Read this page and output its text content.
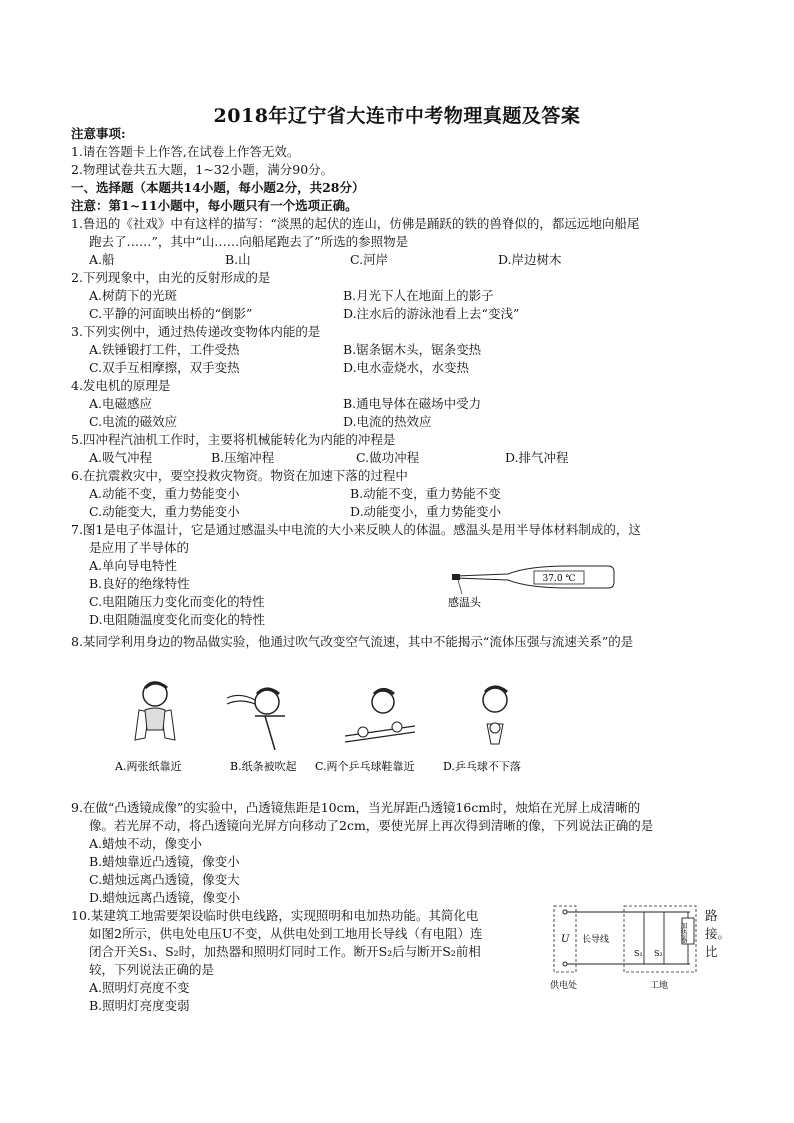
2018年辽宁省大连市中考物理真题及答案
注意事项:
1.请在答题卡上作答,在试卷上作答无效。
2.物理试卷共五大题，1~32小题，满分90分。
一、选择题（本题共14小题，每小题2分，共28分）
注意：第1~11小题中，每小题只有一个选项正确。
1.鲁迅的《社戏》中有这样的描写：“淡黑的起伏的连山，仿佛是踊跃的铁的兽脊似的，都远远地向船尾
跑去了……”，其中“山……向船尾跑去了”所选的参照物是
A.船	B.山	C.河岸	D.岸边树木
2.下列现象中，由光的反射形成的是
A.树荫下的光斑	B.月光下人在地面上的影子
C.平静的河面映出桥的“倒影”	D.注水后的游泳池看上去“变浅”
3.下列实例中，通过热传递改变物体内能的是
A.铁锤锻打工件，工件受热	B.锯条锯木头，锯条变热
C.双手互相摩擦，双手变热	D.电水壶烧水，水变热
4.发电机的原理是
A.电磁感应	B.通电导体在磁场中受力
C.电流的磁效应	D.电流的热效应
5.四冲程汽油机工作时，主要将机械能转化为内能的冲程是
A.吸气冲程	B.压缩冲程	C.做功冲程	D.排气冲程
6.在抗震救灾中，要空投救灾物资。物资在加速下落的过程中
A.动能不变，重力势能变小	B.动能不变，重力势能不变
C.动能变大，重力势能变小	D.动能变小，重力势能变小
7.图1是电子体温计，它是通过感温头中电流的大小来反映人的体温。感温头是用半导体材料制成的，这
是应用了半导体的
A.单向导电特性
B.良好的绝缘特性
C.电阻随压力变化而变化的特性
D.电阻随温度变化而变化的特性
37.0 ℃
感温头
8.某同学利用身边的物品做实验，他通过吹气改变空气流速，其中不能揭示“流体压强与流速关系”的是
A.两张纸靠近	B.纸条被吹起 C.两个乒乓球鞋靠近	D.乒乓球不下落
9.在做“凸透镜成像”的实验中，凸透镜焦距是10cm，当光屏距凸透镜16cm时，烛焰在光屏上成清晰的
像。若光屏不动，将凸透镜向光屏方向移动了2cm，要使光屏上再次得到清晰的像，下列说法正确的是
A.蜡烛不动，像变小
B.蜡烛靠近凸透镜，像变小
C.蜡烛远离凸透镜，像变大
D.蜡烛远离凸透镜，像变小
10.某建筑工地需要架设临时供电线路，实现照明和电加热功能。其简化电
如图2所示，供电处电压U不变，从供电处到工地用长导线（有电阻）连
闭合开关S₁、S₂时，加热器和照明灯同时工作。断开S₂后与断开S₂前相
较，下列说法正确的是
A.照明灯亮度不变
B.照明灯亮度变弱
路
接。
比
U 长导线	加热器
S₁ S₂
供电处	工地
